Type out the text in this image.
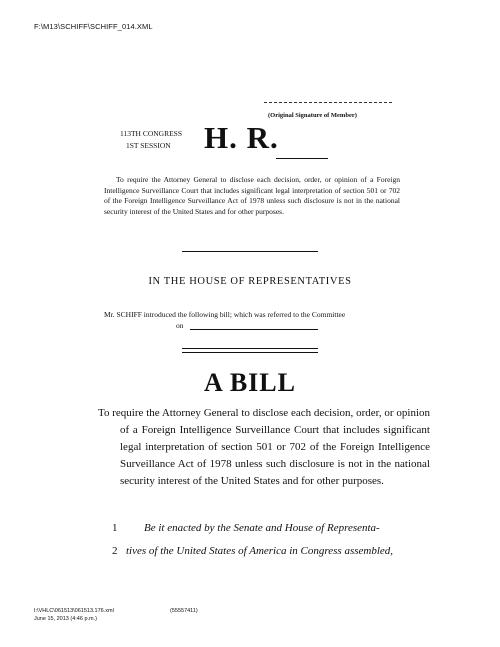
F:\M13\SCHIFF\SCHIFF_014.XML
(Original Signature of Member)
113TH CONGRESS
1ST SESSION H. R.
To require the Attorney General to disclose each decision, order, or opinion of a Foreign Intelligence Surveillance Court that includes significant legal interpretation of section 501 or 702 of the Foreign Intelligence Surveillance Act of 1978 unless such disclosure is not in the national security interest of the United States and for other purposes.
IN THE HOUSE OF REPRESENTATIVES
Mr. SCHIFF introduced the following bill; which was referred to the Committee
on
A BILL
To require the Attorney General to disclose each decision, order, or opinion of a Foreign Intelligence Surveillance Court that includes significant legal interpretation of section 501 or 702 of the Foreign Intelligence Surveillance Act of 1978 unless such disclosure is not in the national security interest of the United States and for other purposes.
1 Be it enacted by the Senate and House of Representa-
2 tives of the United States of America in Congress assembled,
I:\VHLC\061513\061513.176.xml	(55557411)
June 15, 2013 (4:46 p.m.)
